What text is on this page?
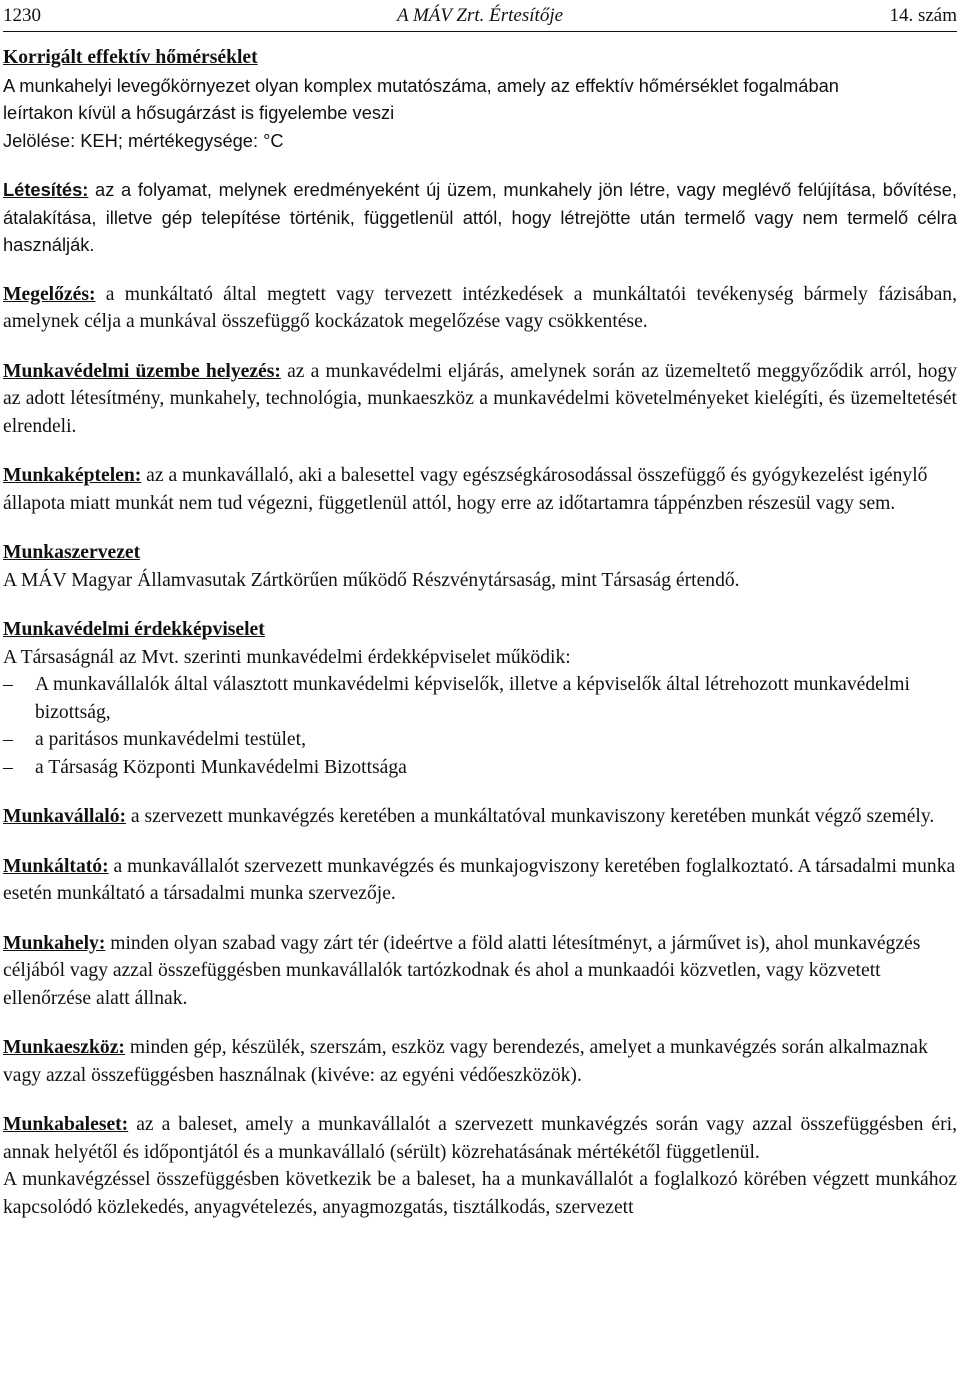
1230	A MÁV Zrt. Értesítője	14. szám

Korrigált effektív hőmérséklet

A munkahelyi levegőkörnyezet olyan komplex mutatószáma, amely az effektív hőmérséklet fogalmában

leírtakon kívül a hősugárzást is figyelembe veszi

Jelölése: KEH; mértékegysége: °C

Létesítés: az a folyamat, melynek eredményeként új üzem, munkahely jön létre, vagy meglévő felújítása, bővítése, átalakítása, illetve gép telepítése történik, függetlenül attól, hogy létrejötte után termelő vagy nem termelő célra használják.

Megelőzés: a munkáltató által megtett vagy tervezett intézkedések a munkáltatói tevékenység bármely fázisában, amelynek célja a munkával összefüggő kockázatok megelőzése vagy csökkentése.

Munkavédelmi üzembe helyezés: az a munkavédelmi eljárás, amelynek során az üzemeltető meggyőződik arról, hogy az adott létesítmény, munkahely, technológia, munkaeszköz a munkavédelmi követelményeket kielégíti, és üzemeltetését elrendeli.

Munkaképtelen: az a munkavállaló, aki a balesettel vagy egészségkárosodással összefüggő és gyógykezelést igénylő állapota miatt munkát nem tud végezni, függetlenül attól, hogy erre az időtartamra táppénzben részesül vagy sem.

Munkaszervezet

A MÁV Magyar Államvasutak Zártkörűen működő Részvénytársaság, mint Társaság értendő.

Munkavédelmi érdekképviselet

A Társaságnál az Mvt. szerinti munkavédelmi érdekképviselet működik:

– A munkavállalók által választott munkavédelmi képviselők, illetve a képviselők által létrehozott munkavédelmi bizottság,
– a paritásos munkavédelmi testület,
– a Társaság Központi Munkavédelmi Bizottsága

Munkavállaló: a szervezett munkavégzés keretében a munkáltatóval munkaviszony keretében munkát végző személy.

Munkáltató: a munkavállalót szervezett munkavégzés és munkajogviszony keretében foglalkoztató. A társadalmi munka esetén munkáltató a társadalmi munka szervezője.

Munkahely: minden olyan szabad vagy zárt tér (ideértve a föld alatti létesítményt, a járművet is), ahol munkavégzés céljából vagy azzal összefüggésben munkavállalók tartózkodnak és ahol a munkaadói közvetlen, vagy közvetett ellenőrzése alatt állnak.

Munkaeszköz: minden gép, készülék, szerszám, eszköz vagy berendezés, amelyet a munkavégzés során alkalmaznak vagy azzal összefüggésben használnak (kivéve: az egyéni védőeszközök).

Munkabaleset: az a baleset, amely a munkavállalót a szervezett munkavégzés során vagy azzal összefüggésben éri, annak helyétől és időpontjától és a munkavállaló (sérült) közrehatásának mértékétől függetlenül.

A munkavégzéssel összefüggésben következik be a baleset, ha a munkavállalót a foglalkozó körében végzett munkához kapcsolódó közlekedés, anyagvételezés, anyagmozgatás, tisztálkodás, szervezett
